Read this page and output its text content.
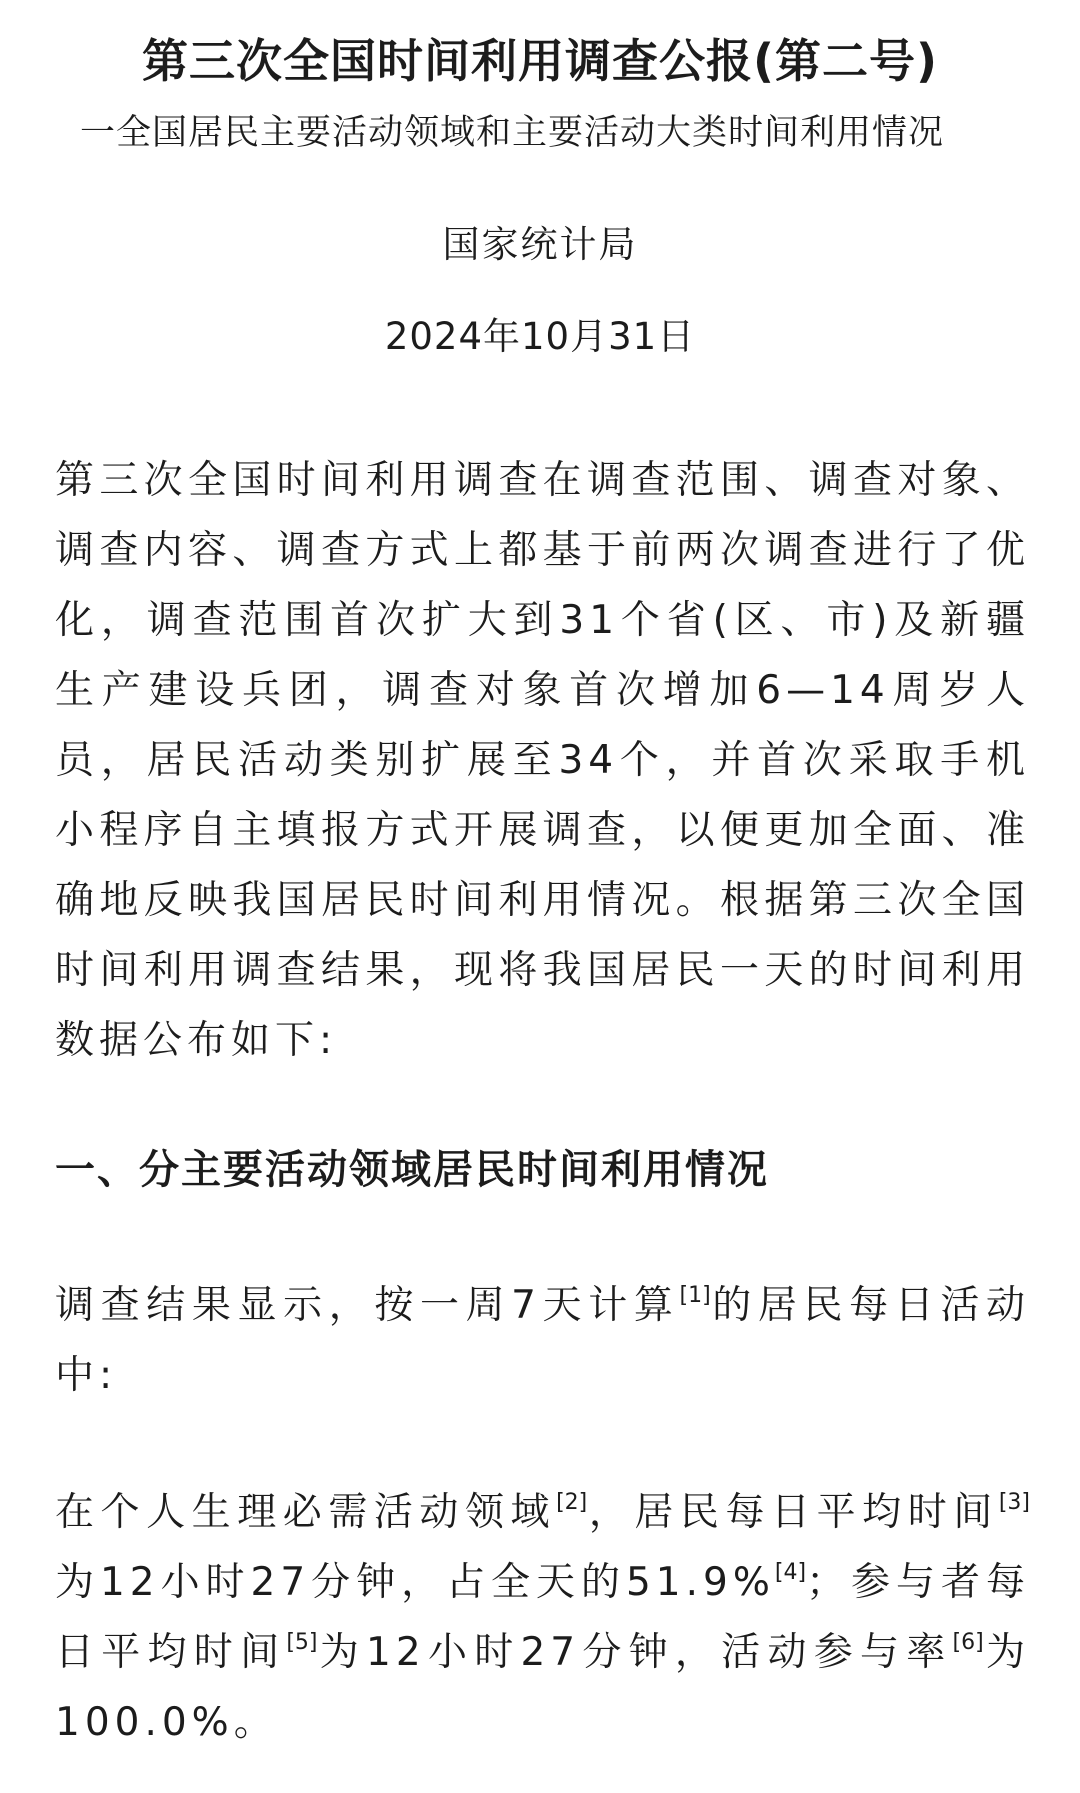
第三次全国时间利用调查公报(第二号)

一全国居民主要活动领域和主要活动大类时间利用情况

国家统计局

2024年10月31日

第三次全国时间利用调查在调查范围、调查对象、调查内容、调查方式上都基于前两次调查进行了优化，调查范围首次扩大到31个省(区、市)及新疆生产建设兵团，调查对象首次增加6—14周岁人员，居民活动类别扩展至34个，并首次采取手机小程序自主填报方式开展调查，以便更加全面、准确地反映我国居民时间利用情况。根据第三次全国时间利用调查结果，现将我国居民一天的时间利用数据公布如下:

一、分主要活动领域居民时间利用情况

调查结果显示，按一周7天计算[1]的居民每日活动中:

在个人生理必需活动领域[2]，居民每日平均时间[3]为12小时27分钟，占全天的51.9%[4]；参与者每日平均时间[5]为12小时27分钟，活动参与率[6]为100.0%。
